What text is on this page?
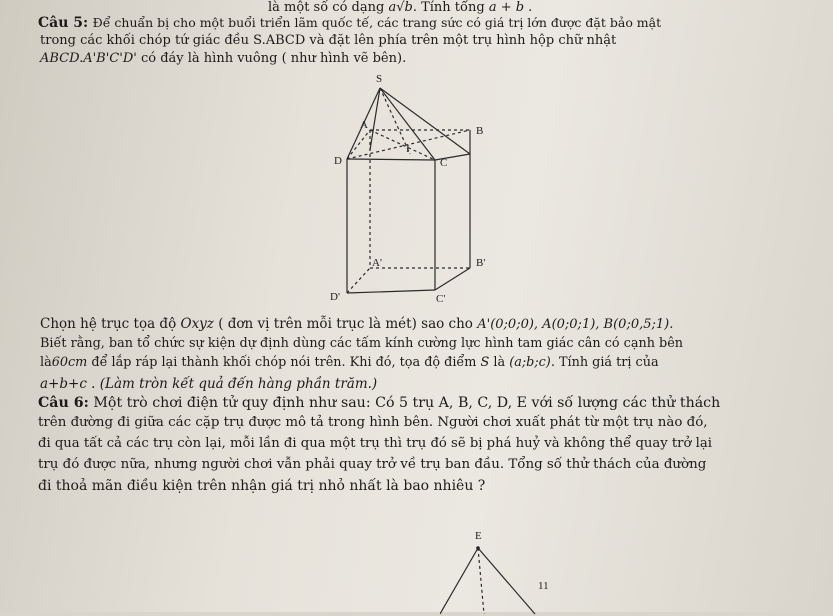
là một số có dạng a√b. Tính tổng a + b .
Câu 5: Để chuẩn bị cho một buổi triển lãm quốc tế, các trang sức có giá trị lớn được đặt bảo mật
trong các khối chóp tứ giác đều S.ABCD và đặt lên phía trên một trụ hình hộp chữ nhật
ABCD.A'B'C'D' có đáy là hình vuông ( như hình vẽ bên).
S
A	B
C
D
I
A'	B'
C'
D'
Chọn hệ trục tọa độ Oxyz ( đơn vị trên mỗi trục là mét) sao cho A'(0;0;0), A(0;0;1), B(0;0,5;1).
Biết rằng, ban tổ chức sự kiện dự định dùng các tấm kính cường lực hình tam giác cân có cạnh bên
là60cm để lắp ráp lại thành khối chóp nói trên. Khi đó, tọa độ điểm S là (a;b;c). Tính giá trị của
a+b+c . (Làm tròn kết quả đến hàng phần trăm.)
Câu 6: Một trò chơi điện tử quy định như sau: Có 5 trụ A, B, C, D, E với số lượng các thử thách
trên đường đi giữa các cặp trụ được mô tả trong hình bên. Người chơi xuất phát từ một trụ nào đó,
đi qua tất cả các trụ còn lại, mỗi lần đi qua một trụ thì trụ đó sẽ bị phá huỷ và không thể quay trở lại
trụ đó được nữa, nhưng người chơi vẫn phải quay trở về trụ ban đầu. Tổng số thử thách của đường
đi thoả mãn điều kiện trên nhận giá trị nhỏ nhất là bao nhiêu ?
E
11
